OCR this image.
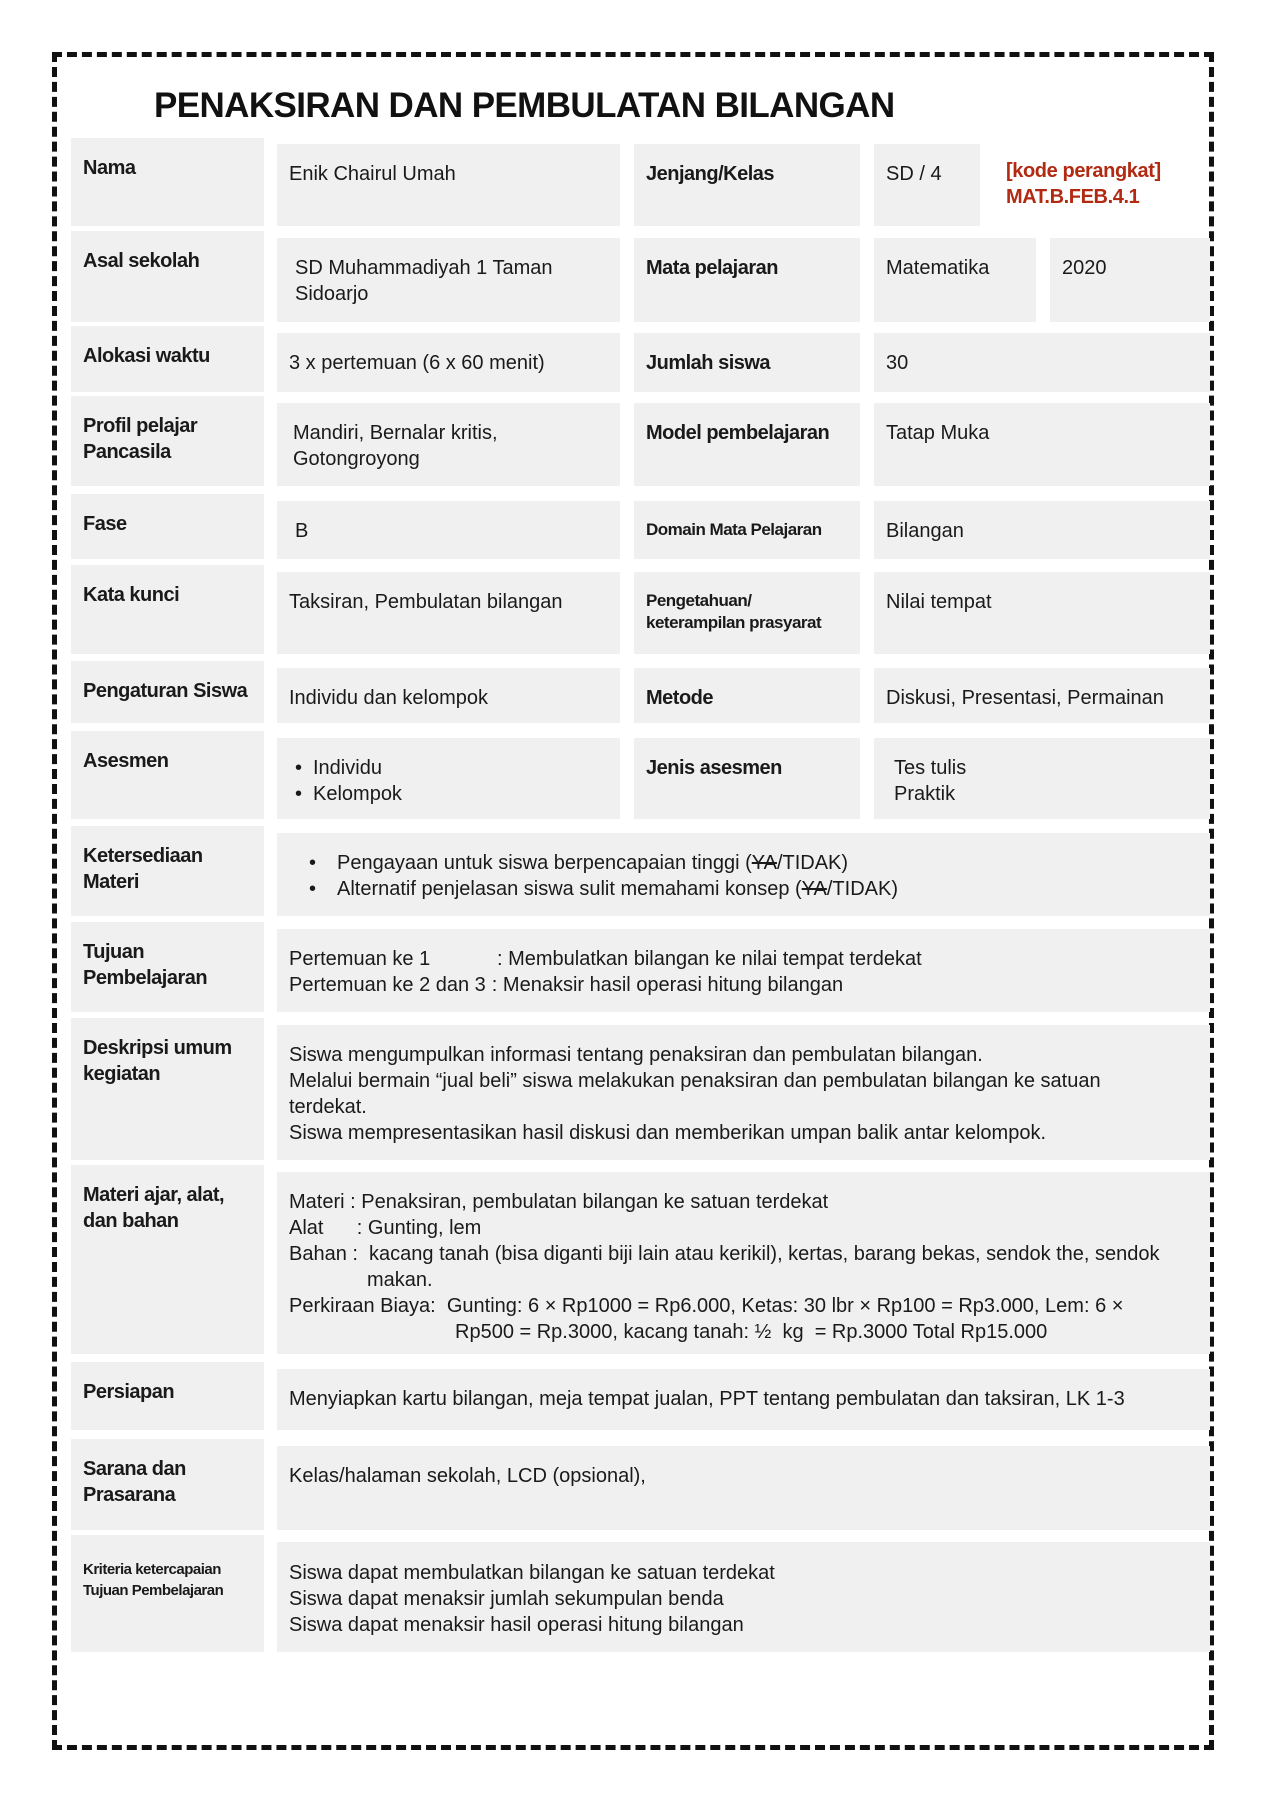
PENAKSIRAN DAN PEMBULATAN BILANGAN
Nama	Enik Chairul Umah	Jenjang/Kelas	SD / 4	[kode perangkat]
MAT.B.FEB.4.1
Asal sekolah	SD Muhammadiyah 1 Taman Sidoarjo
Mata pelajaran	Matematika	2020
Alokasi waktu	3 x pertemuan (6 x 60 menit)	Jumlah siswa	30
Profil pelajar Pancasila
Mandiri, Bernalar kritis, Gotongroyong
Model pembelajaran	Tatap Muka
Fase	B	Domain Mata Pelajaran	Bilangan
Kata kunci	Taksiran, Pembulatan bilangan	Pengetahuan/
keterampilan prasyarat
Nilai tempat
Pengaturan Siswa	Individu dan kelompok	Metode	Diskusi, Presentasi, Permainan
Asesmen
•	Individu
• Kelompok
Jenis asesmen	Tes tulis
Praktik
Ketersediaan
Materi
• Pengayaan untuk siswa berpencapaian tinggi (YA/TIDAK)
• Alternatif penjelasan siswa sulit memahami konsep (YA/TIDAK)
Tujuan
Pembelajaran
Pertemuan ke 1	: Membulatkan bilangan ke nilai tempat terdekat
Pertemuan ke 2 dan 3 : Menaksir hasil operasi hitung bilangan
Deskripsi umum
kegiatan
Siswa mengumpulkan informasi tentang penaksiran dan pembulatan bilangan.
Melalui bermain “jual beli” siswa melakukan penaksiran dan pembulatan bilangan ke satuan terdekat.
Siswa mempresentasikan hasil diskusi dan memberikan umpan balik antar kelompok.
Materi ajar, alat,
dan bahan
Materi : Penaksiran, pembulatan bilangan ke satuan terdekat
Alat      : Gunting, lem
Bahan :  kacang tanah (bisa diganti biji lain atau kerikil), kertas, barang bekas, sendok the, sendok
makan.
Perkiraan Biaya:  Gunting: 6 × Rp1000 = Rp6.000, Ketas: 30 lbr × Rp100 = Rp3.000, Lem: 6 ×
Rp500 = Rp.3000, kacang tanah: ½  kg  = Rp.3000 Total Rp15.000
Persiapan	Menyiapkan kartu bilangan, meja tempat jualan, PPT tentang pembulatan dan taksiran, LK 1-3
Sarana dan
Prasarana
Kelas/halaman sekolah, LCD (opsional),
Kriteria ketercapaian
Tujuan Pembelajaran
Siswa dapat membulatkan bilangan ke satuan terdekat
Siswa dapat menaksir jumlah sekumpulan benda
Siswa dapat menaksir hasil operasi hitung bilangan
